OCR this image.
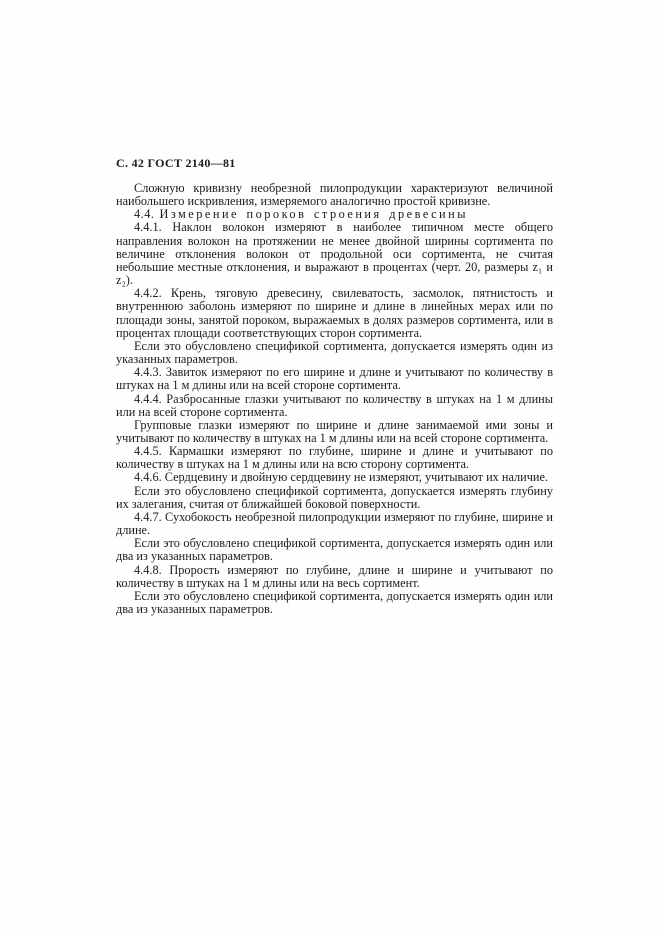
С. 42 ГОСТ 2140—81

Сложную кривизну необрезной пилопродукции характеризуют величиной наибольшего искривления, измеряемого аналогично простой кривизне.

4.4. Измерение пороков строения древесины

4.4.1. Наклон волокон измеряют в наиболее типичном месте общего направления волокон на протяжении не менее двойной ширины сортимента по величине отклонения волокон от продольной оси сортимента, не считая небольшие местные отклонения, и выражают в процентах (черт. 20, размеры z₁ и z₂).

4.4.2. Крень, тяговую древесину, свилеватость, засмолок, пятнистость и внутреннюю заболонь измеряют по ширине и длине в линейных мерах или по площади зоны, занятой пороком, выражаемых в долях размеров сортимента, или в процентах площади соответствующих сторон сортимента.

Если это обусловлено спецификой сортимента, допускается измерять один из указанных параметров.

4.4.3. Завиток измеряют по его ширине и длине и учитывают по количеству в штуках на 1 м длины или на всей стороне сортимента.

4.4.4. Разбросанные глазки учитывают по количеству в штуках на 1 м длины или на всей стороне сортимента.

Групповые глазки измеряют по ширине и длине занимаемой ими зоны и учитывают по количеству в штуках на 1 м длины или на всей стороне сортимента.

4.4.5. Кармашки измеряют по глубине, ширине и длине и учитывают по количеству в штуках на 1 м длины или на всю сторону сортимента.

4.4.6. Сердцевину и двойную сердцевину не измеряют, учитывают их наличие.

Если это обусловлено спецификой сортимента, допускается измерять глубину их залегания, считая от ближайшей боковой поверхности.

4.4.7. Сухобокость необрезной пилопродукции измеряют по глубине, ширине и длине.

Если это обусловлено спецификой сортимента, допускается измерять один или два из указанных параметров.

4.4.8. Прорость измеряют по глубине, длине и ширине и учитывают по количеству в штуках на 1 м длины или на весь сортимент.

Если это обусловлено спецификой сортимента, допускается измерять один или два из указанных параметров.
